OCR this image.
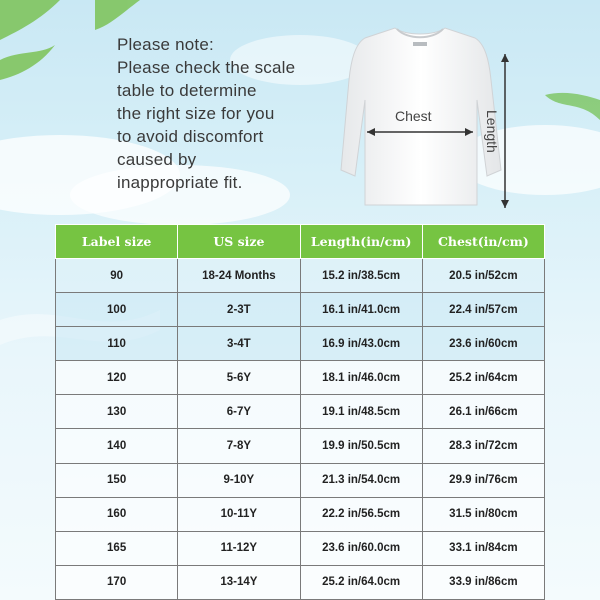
Please note:
Please check the scale
table to determine
the right size for you
to avoid discomfort
caused by
inappropriate fit.
Chest	Length
Label size	US size	Length(in/cm)	Chest(in/cm)
90	18-24 Months	15.2 in/38.5cm	20.5 in/52cm
100	2-3T	16.1 in/41.0cm	22.4 in/57cm
110	3-4T	16.9 in/43.0cm	23.6 in/60cm
120	5-6Y	18.1 in/46.0cm	25.2 in/64cm
130	6-7Y	19.1 in/48.5cm	26.1 in/66cm
140	7-8Y	19.9 in/50.5cm	28.3 in/72cm
150	9-10Y	21.3 in/54.0cm	29.9 in/76cm
160	10-11Y	22.2 in/56.5cm	31.5 in/80cm
165	11-12Y	23.6 in/60.0cm	33.1 in/84cm
170	13-14Y	25.2 in/64.0cm	33.9 in/86cm
